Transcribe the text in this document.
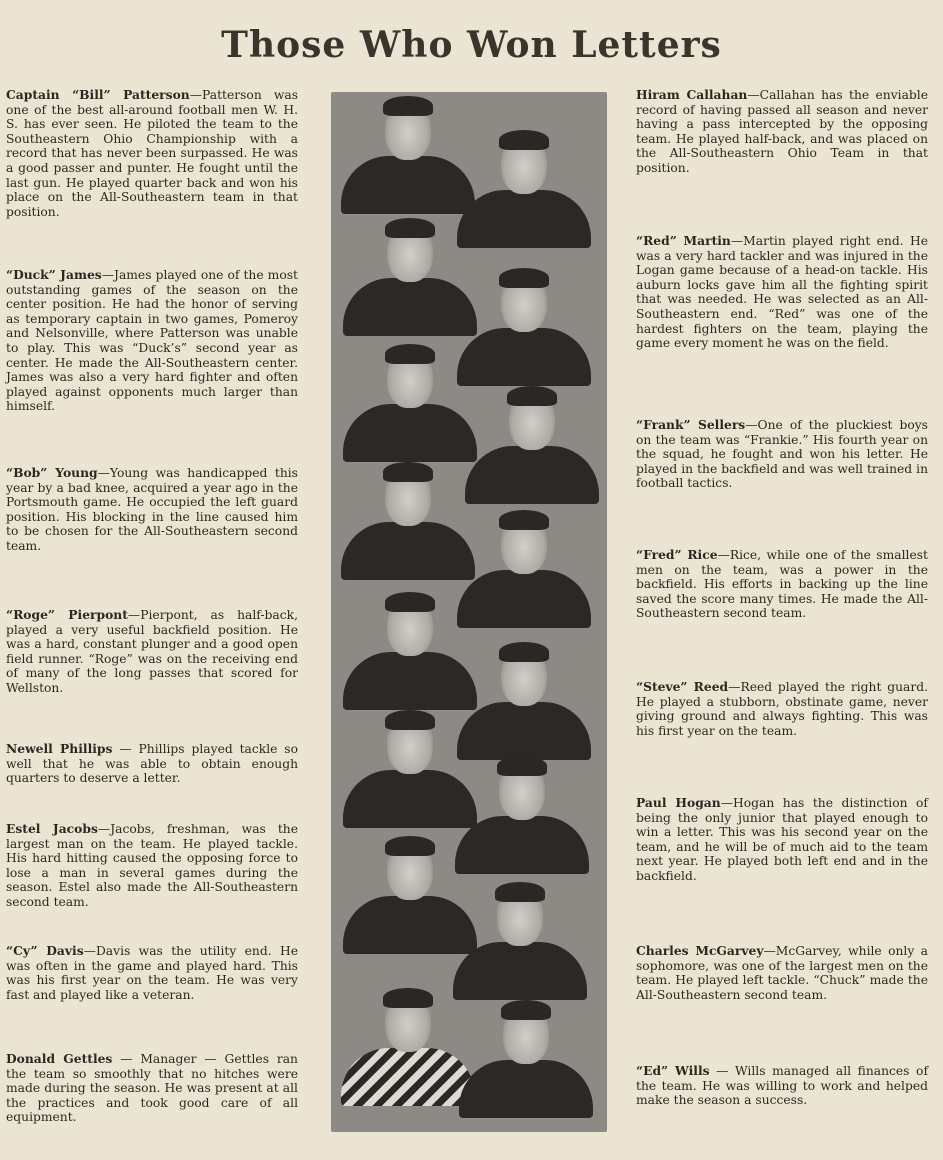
Those Who Won Letters
Captain “Bill” Patterson—Patterson was one of the best all-around football men W. H. S. has ever seen. He piloted the team to the Southeastern Ohio Championship with a record that has never been surpassed. He was a good passer and punter. He fought until the last gun. He played quarter back and won his place on the All-Southeastern team in that position.
“Duck” James—James played one of the most outstanding games of the season on the center position. He had the honor of serving as temporary captain in two games, Pomeroy and Nelsonville, where Patterson was unable to play. This was “Duck’s” second year as center. He made the All-Southeastern center. James was also a very hard fighter and often played against opponents much larger than himself.
“Bob” Young—Young was handicapped this year by a bad knee, acquired a year ago in the Portsmouth game. He occupied the left guard position. His blocking in the line caused him to be chosen for the All-Southeastern second team.
“Roge” Pierpont—Pierpont, as half-back, played a very useful backfield position. He was a hard, constant plunger and a good open field runner. “Roge” was on the receiving end of many of the long passes that scored for Wellston.
Newell Phillips — Phillips played tackle so well that he was able to obtain enough quarters to deserve a letter.
Estel Jacobs—Jacobs, freshman, was the largest man on the team. He played tackle. His hard hitting caused the opposing force to lose a man in several games during the season. Estel also made the All-Southeastern second team.
“Cy” Davis—Davis was the utility end. He was often in the game and played hard. This was his first year on the team. He was very fast and played like a veteran.
Donald Gettles — Manager — Gettles ran the team so smoothly that no hitches were made during the season. He was present at all the practices and took good care of all equipment.
Hiram Callahan—Callahan has the enviable record of having passed all season and never having a pass intercepted by the opposing team. He played half-back, and was placed on the All-Southeastern Ohio Team in that position.
“Red” Martin—Martin played right end. He was a very hard tackler and was injured in the Logan game because of a head-on tackle. His auburn locks gave him all the fighting spirit that was needed. He was selected as an All-Southeastern end. “Red” was one of the hardest fighters on the team, playing the game every moment he was on the field.
“Frank” Sellers—One of the pluckiest boys on the team was “Frankie.” His fourth year on the squad, he fought and won his letter. He played in the backfield and was well trained in football tactics.
“Fred” Rice—Rice, while one of the smallest men on the team, was a power in the backfield. His efforts in backing up the line saved the score many times. He made the All-Southeastern second team.
“Steve” Reed—Reed played the right guard. He played a stubborn, obstinate game, never giving ground and always fighting. This was his first year on the team.
Paul Hogan—Hogan has the distinction of being the only junior that played enough to win a letter. This was his second year on the team, and he will be of much aid to the team next year. He played both left end and in the backfield.
Charles McGarvey—McGarvey, while only a sophomore, was one of the largest men on the team. He played left tackle. “Chuck” made the All-Southeastern second team.
“Ed” Wills — Wills managed all finances of the team. He was willing to work and helped make the season a success.
